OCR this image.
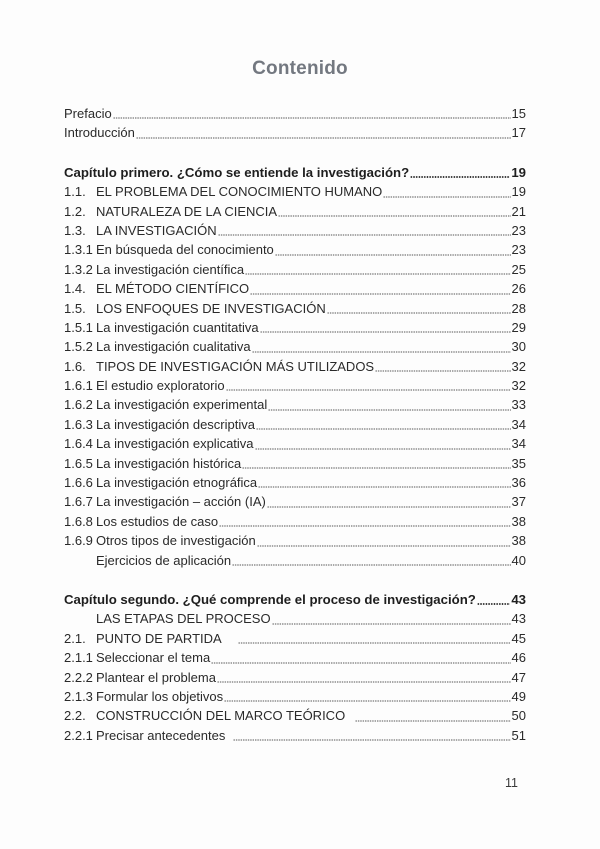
Contenido
Prefacio	15
Introducción	17
Capítulo primero. ¿Cómo se entiende la investigación?	19
1.1. EL PROBLEMA DEL CONOCIMIENTO HUMANO	19
1.2. NATURALEZA DE LA CIENCIA	21
1.3. LA INVESTIGACIÓN	23
1.3.1 En búsqueda del conocimiento	23
1.3.2 La investigación científica	25
1.4. EL MÉTODO CIENTÍFICO	26
1.5. LOS ENFOQUES DE INVESTIGACIÓN	28
1.5.1 La investigación cuantitativa	29
1.5.2 La investigación cualitativa	30
1.6. TIPOS DE INVESTIGACIÓN MÁS UTILIZADOS	32
1.6.1 El estudio exploratorio	32
1.6.2 La investigación experimental	33
1.6.3 La investigación descriptiva	34
1.6.4 La investigación explicativa	34
1.6.5 La investigación histórica	35
1.6.6 La investigación etnográfica	36
1.6.7 La investigación – acción (IA)	37
1.6.8 Los estudios de caso	38
1.6.9 Otros tipos de investigación	38
Ejercicios de aplicación	40
Capítulo segundo. ¿Qué comprende el proceso de investigación?	43
LAS ETAPAS DEL PROCESO	43
2.1. PUNTO DE PARTIDA	45
2.1.1 Seleccionar el tema	46
2.2.2 Plantear el problema	47
2.1.3 Formular los objetivos	49
2.2. CONSTRUCCIÓN DEL MARCO TEÓRICO	50
2.2.1 Precisar antecedentes	51
11
